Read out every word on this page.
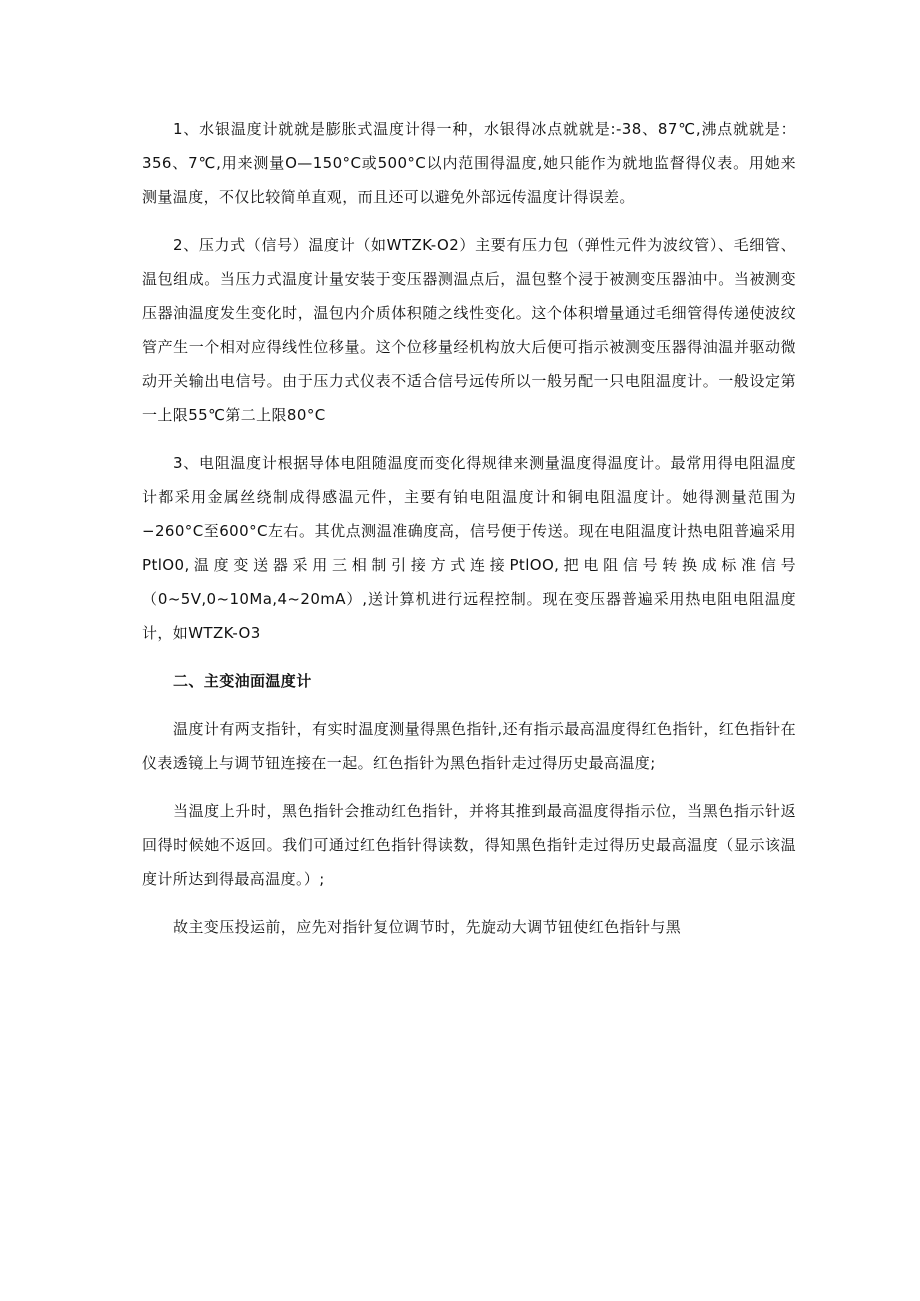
1、水银温度计就就是膨胀式温度计得一种，水银得冰点就就是:-38、87℃,沸点就就是：356、7℃,用来测量O—150°C或500°C以内范围得温度,她只能作为就地监督得仪表。用她来测量温度，不仅比较简单直观，而且还可以避免外部远传温度计得误差。

2、压力式（信号）温度计（如WTZK-O2）主要有压力包（弹性元件为波纹管）、毛细管、温包组成。当压力式温度计量安装于变压器测温点后，温包整个浸于被测变压器油中。当被测变压器油温度发生变化时，温包内介质体积随之线性变化。这个体积增量通过毛细管得传递使波纹管产生一个相对应得线性位移量。这个位移量经机构放大后便可指示被测变压器得油温并驱动微动开关输出电信号。由于压力式仪表不适合信号远传所以一般另配一只电阻温度计。一般设定第一上限55℃第二上限80°C

3、电阻温度计根据导体电阻随温度而变化得规律来测量温度得温度计。最常用得电阻温度计都采用金属丝绕制成得感温元件，主要有铂电阻温度计和铜电阻温度计。她得测量范围为−260°C至600°C左右。其优点测温准确度高，信号便于传送。现在电阻温度计热电阻普遍采用PtlO0,温度变送器采用三相制引接方式连接PtlOO,把电阻信号转换成标准信号（0~5V,0~10Ma,4~20mA）,送计算机进行远程控制。现在变压器普遍采用热电阻电阻温度计，如WTZK-O3

二、主变油面温度计

温度计有两支指针，有实时温度测量得黑色指针,还有指示最高温度得红色指针，红色指针在仪表透镜上与调节钮连接在一起。红色指针为黑色指针走过得历史最高温度;

当温度上升时，黑色指针会推动红色指针，并将其推到最高温度得指示位，当黑色指示针返回得时候她不返回。我们可通过红色指针得读数，得知黑色指针走过得历史最高温度（显示该温度计所达到得最高温度。）;

故主变压投运前，应先对指针复位调节时，先旋动大调节钮使红色指针与黑
